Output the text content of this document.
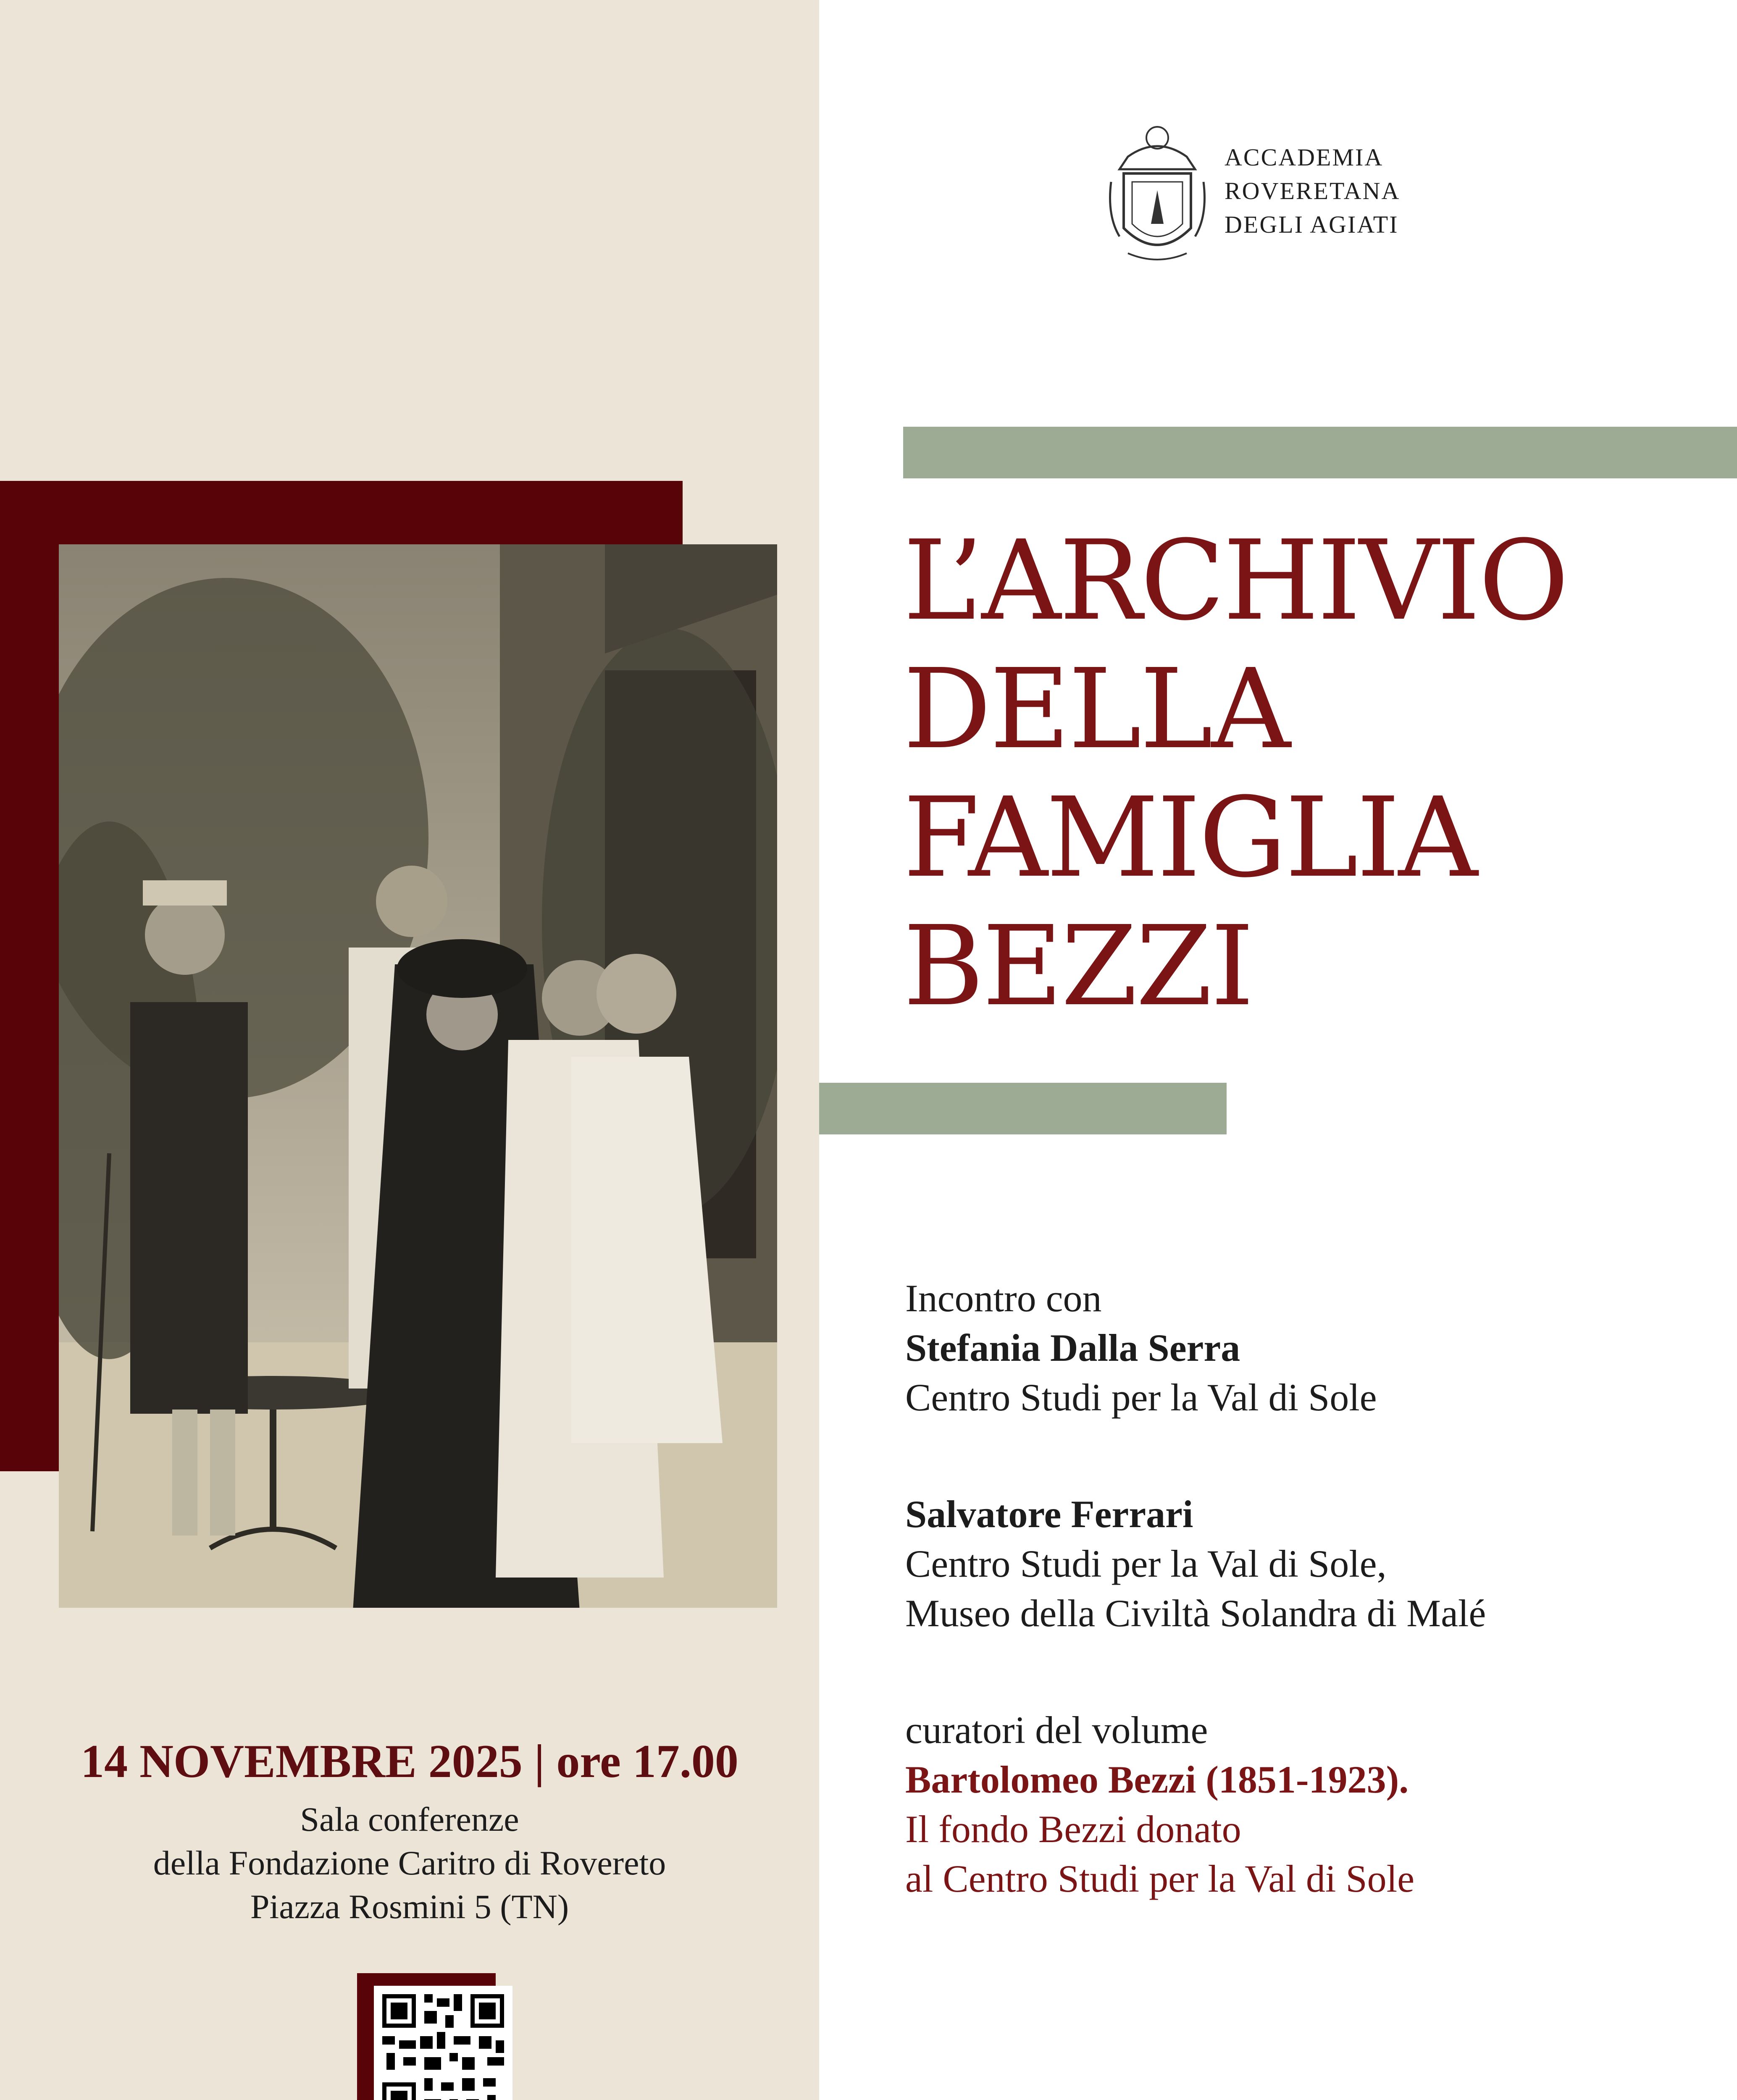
ACCADEMIA
ROVERETANA
DEGLI AGIATI
L’ARCHIVIO
DELLA
FAMIGLIA
BEZZI
Incontro con
Stefania Dalla Serra
Centro Studi per la Val di Sole
Salvatore Ferrari
Centro Studi per la Val di Sole,
Museo della Civiltà Solandra di Malé
curatori del volume
Bartolomeo Bezzi (1851-1923).
Il fondo Bezzi donato
al Centro Studi per la Val di Sole
14 NOVEMBRE 2025 | ore 17.00
Sala conferenze
della Fondazione Caritro di Rovereto
Piazza Rosmini 5 (TN)
